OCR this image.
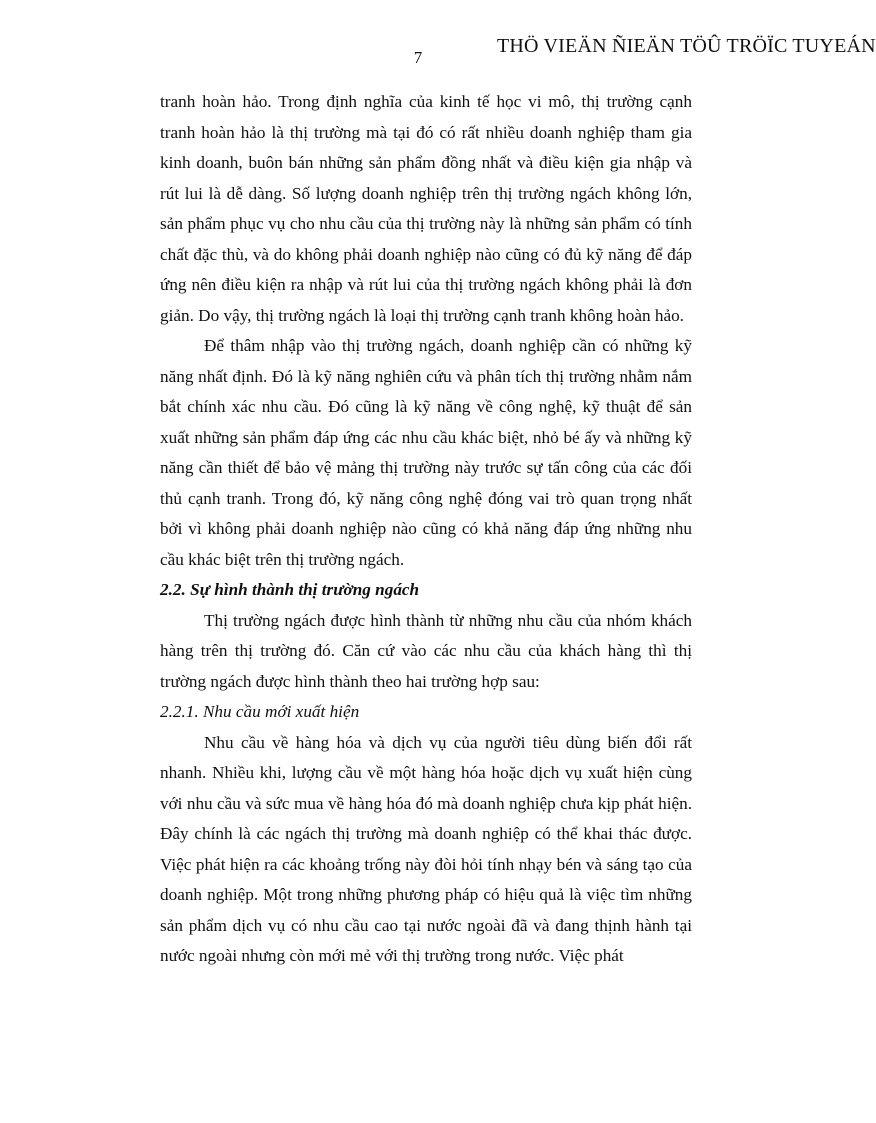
THÖ VIEÄN ÑIEÄN TÖÛ TRÖÏC TUYEÁN
7

tranh hoàn hảo. Trong định nghĩa của kinh tế học vi mô, thị trường cạnh tranh hoàn hảo là thị trường mà tại đó có rất nhiều doanh nghiệp tham gia kinh doanh, buôn bán những sản phẩm đồng nhất và điều kiện gia nhập và rút lui là dễ dàng. Số lượng doanh nghiệp trên thị trường ngách không lớn, sản phẩm phục vụ cho nhu cầu của thị trường này là những sản phẩm có tính chất đặc thù, và do không phải doanh nghiệp nào cũng có đủ kỹ năng để đáp ứng nên điều kiện ra nhập và rút lui của thị trường ngách không phải là đơn giản. Do vậy, thị trường ngách là loại thị trường cạnh tranh không hoàn hảo.

Để thâm nhập vào thị trường ngách, doanh nghiệp cần có những kỹ năng nhất định. Đó là kỹ năng nghiên cứu và phân tích thị trường nhằm nắm bắt chính xác nhu cầu. Đó cũng là kỹ năng về công nghệ, kỹ thuật để sản xuất những sản phẩm đáp ứng các nhu cầu khác biệt, nhỏ bé ấy và những kỹ năng cần thiết để bảo vệ mảng thị trường này trước sự tấn công của các đối thủ cạnh tranh. Trong đó, kỹ năng công nghệ đóng vai trò quan trọng nhất bởi vì không phải doanh nghiệp nào cũng có khả năng đáp ứng những nhu cầu khác biệt trên thị trường ngách.

2.2. Sự hình thành thị trường ngách

Thị trường ngách được hình thành từ những nhu cầu của nhóm khách hàng trên thị trường đó. Căn cứ vào các nhu cầu của khách hàng thì thị trường ngách được hình thành theo hai trường hợp sau:

2.2.1. Nhu cầu mới xuất hiện

Nhu cầu về hàng hóa và dịch vụ của người tiêu dùng biến đổi rất nhanh. Nhiều khi, lượng cầu về một hàng hóa hoặc dịch vụ xuất hiện cùng với nhu cầu và sức mua về hàng hóa đó mà doanh nghiệp chưa kịp phát hiện. Đây chính là các ngách thị trường mà doanh nghiệp có thể khai thác được. Việc phát hiện ra các khoảng trống này đòi hỏi tính nhạy bén và sáng tạo của doanh nghiệp. Một trong những phương pháp có hiệu quả là việc tìm những sản phẩm dịch vụ có nhu cầu cao tại nước ngoài đã và đang thịnh hành tại nước ngoài nhưng còn mới mẻ với thị trường trong nước. Việc phát
